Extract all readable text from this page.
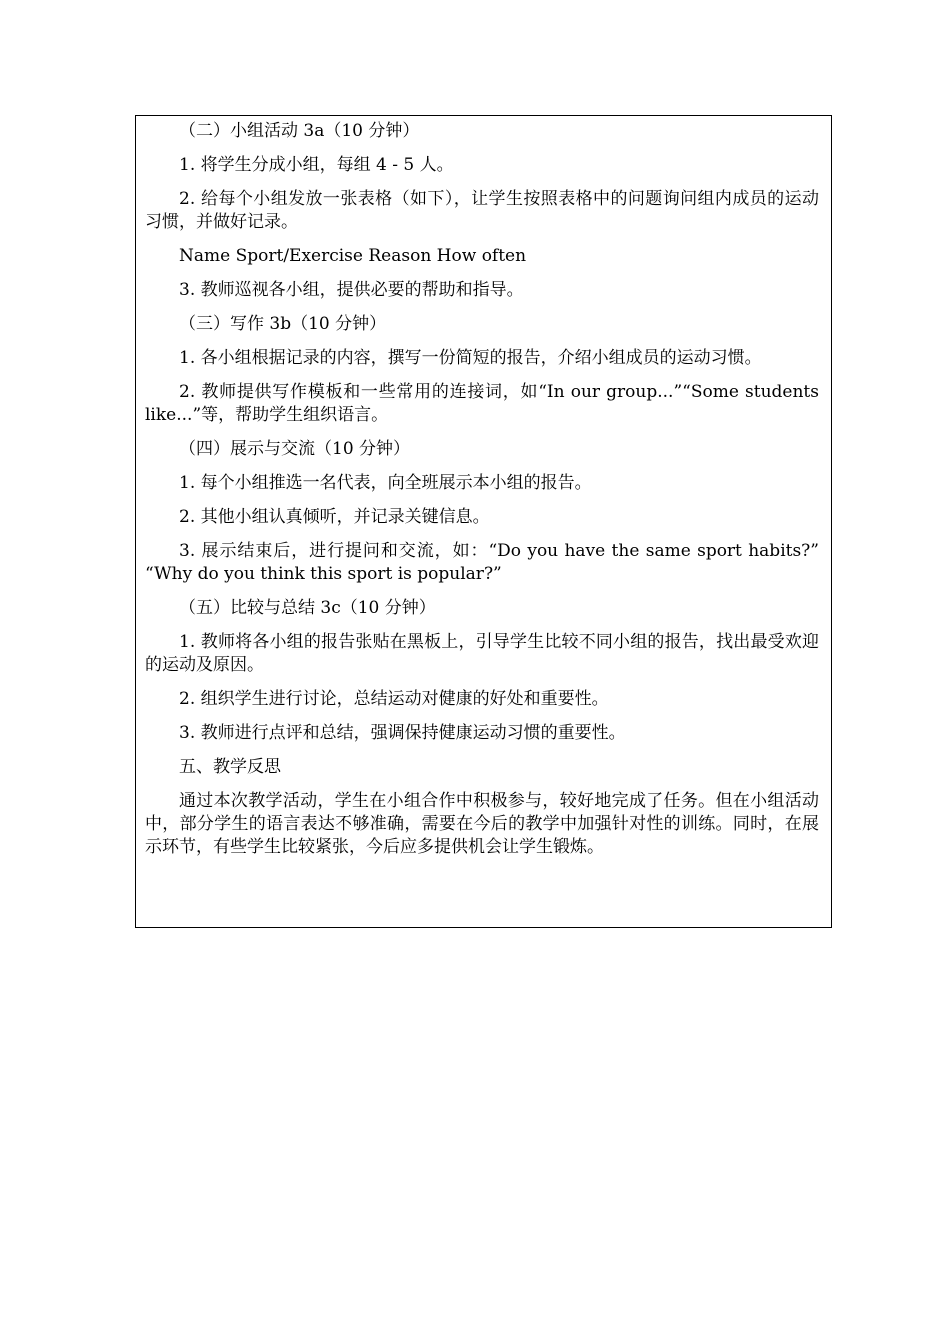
（二）小组活动 3a（10 分钟）

1. 将学生分成小组，每组 4 - 5 人。

2. 给每个小组发放一张表格（如下），让学生按照表格中的问题询问组内成员的运动习惯，并做好记录。

Name Sport/Exercise Reason How often

3. 教师巡视各小组，提供必要的帮助和指导。

（三）写作 3b（10 分钟）

1. 各小组根据记录的内容，撰写一份简短的报告，介绍小组成员的运动习惯。

2. 教师提供写作模板和一些常用的连接词，如“In our group...”“Some students like...”等，帮助学生组织语言。

（四）展示与交流（10 分钟）

1. 每个小组推选一名代表，向全班展示本小组的报告。

2. 其他小组认真倾听，并记录关键信息。

3. 展示结束后，进行提问和交流，如：“Do you have the same sport habits?” “Why do you think this sport is popular?”

（五）比较与总结 3c（10 分钟）

1. 教师将各小组的报告张贴在黑板上，引导学生比较不同小组的报告，找出最受欢迎的运动及原因。

2. 组织学生进行讨论，总结运动对健康的好处和重要性。

3. 教师进行点评和总结，强调保持健康运动习惯的重要性。

五、教学反思

通过本次教学活动，学生在小组合作中积极参与，较好地完成了任务。但在小组活动中，部分学生的语言表达不够准确，需要在今后的教学中加强针对性的训练。同时，在展示环节，有些学生比较紧张，今后应多提供机会让学生锻炼。
